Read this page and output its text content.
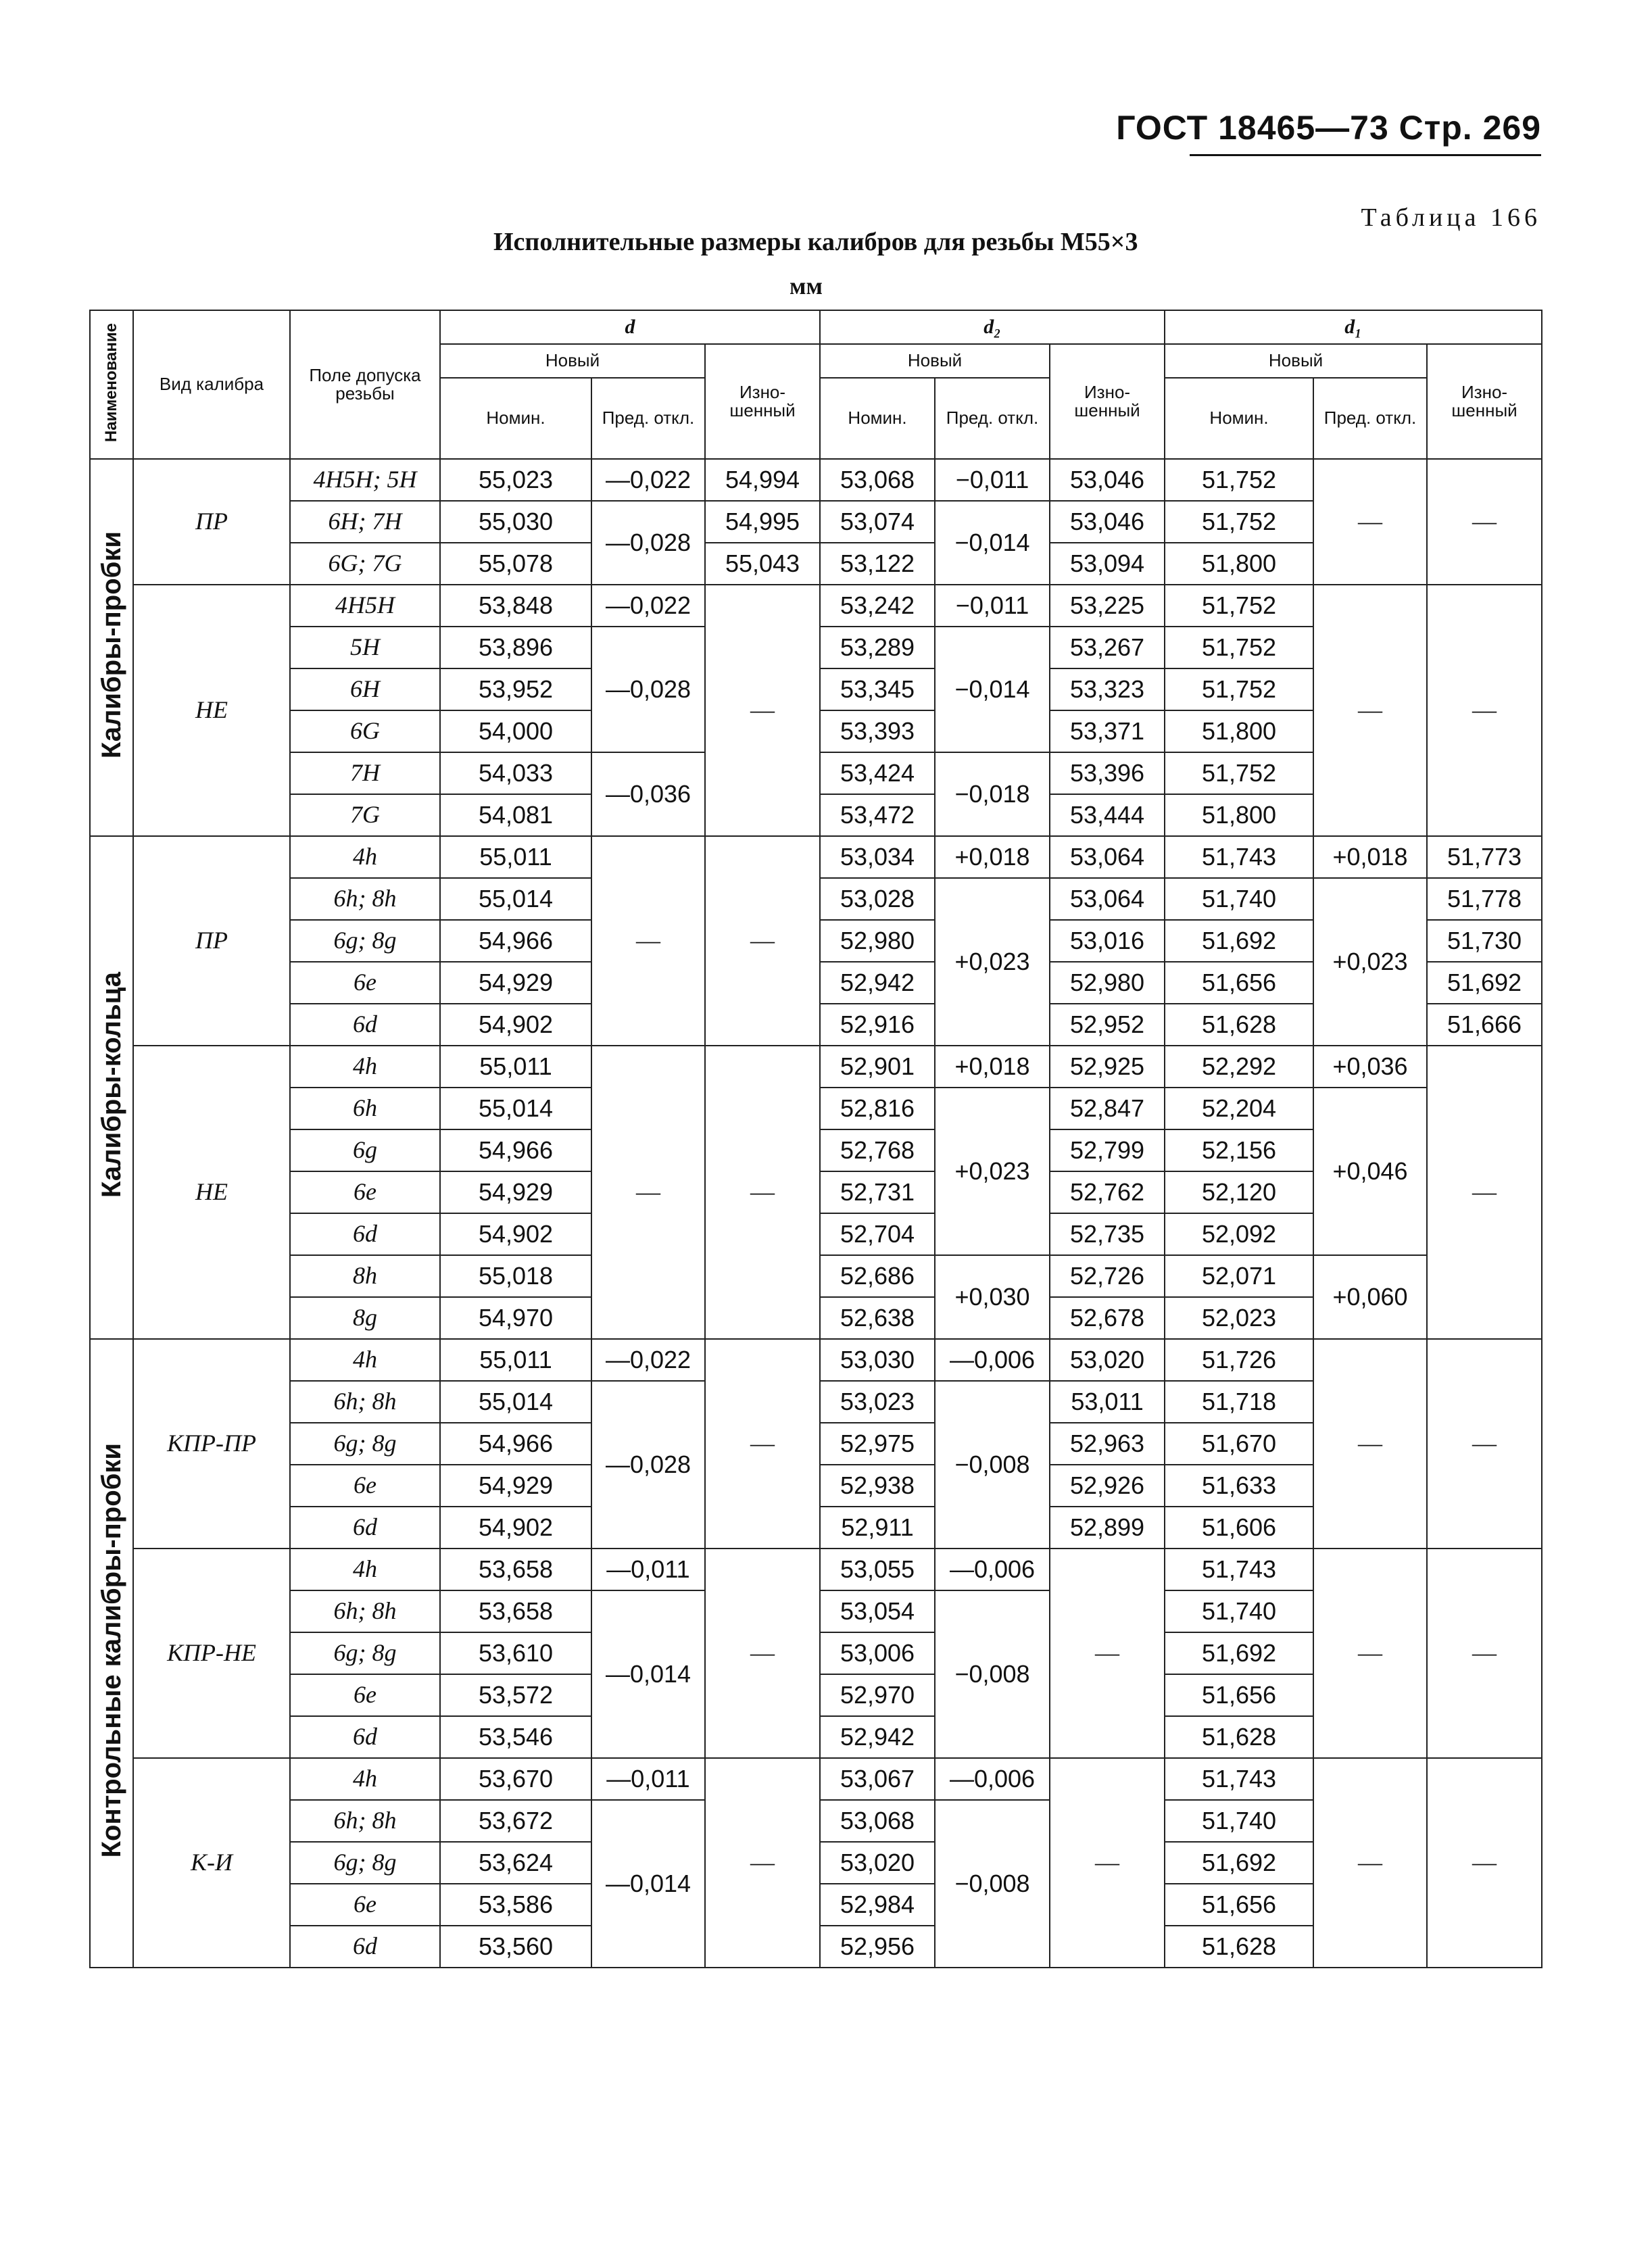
ГОСТ 18465—73 Стр. 269
Таблица 166
Исполнительные размеры калибров для резьбы М55×3
мм
Наименование	Вид калибра	Поле допуска резьбы	d			d₂			d₁		
			Новый		Изно- шенный	Новый		Изно- шенный	Новый		Изно- шенный
			Номин.	Пред. откл.		Номин.	Пред. откл.		Номин.	Пред. откл.	
Калибры-пробки	ПР	4H5H; 5H	55,023	—0,022	54,994	53,068	−0,011	53,046	51,752	—	—
		6H; 7H	55,030	—0,028	54,995	53,074	−0,014	53,046	51,752		
		6G; 7G	55,078		55,043	53,122		53,094	51,800		
	НЕ	4H5H	53,848	—0,022	—	53,242	−0,011	53,225	51,752	—	—
		5H	53,896	—0,028		53,289	−0,014	53,267	51,752		
		6H	53,952			53,345		53,323	51,752		
		6G	54,000			53,393		53,371	51,800		
		7H	54,033	—0,036		53,424	−0,018	53,396	51,752		
		7G	54,081			53,472		53,444	51,800		
Калибры-кольца	ПР	4h	55,011	—	—	53,034	+0,018	53,064	51,743	+0,018	51,773
		6h; 8h	55,014			53,028	+0,023	53,064	51,740	+0,023	51,778
		6g; 8g	54,966			52,980		53,016	51,692		51,730
		6e	54,929			52,942		52,980	51,656		51,692
		6d	54,902			52,916		52,952	51,628		51,666
	НЕ	4h	55,011	—	—	52,901	+0,018	52,925	52,292	+0,036	—
		6h	55,014			52,816	+0,023	52,847	52,204	+0,046	
		6g	54,966			52,768		52,799	52,156		
		6e	54,929			52,731		52,762	52,120		
		6d	54,902			52,704		52,735	52,092		
		8h	55,018			52,686	+0,030	52,726	52,071	+0,060	
		8g	54,970			52,638		52,678	52,023		
Контрольные калибры-пробки	КПР-ПР	4h	55,011	—0,022	—	53,030	—0,006	53,020	51,726	—	—
		6h; 8h	55,014	—0,028		53,023	−0,008	53,011	51,718		
		6g; 8g	54,966			52,975		52,963	51,670		
		6e	54,929			52,938		52,926	51,633		
		6d	54,902			52,911		52,899	51,606		
	КПР-НЕ	4h	53,658	—0,011	—	53,055	—0,006	—	51,743	—	—
		6h; 8h	53,658	—0,014		53,054	−0,008		51,740		
		6g; 8g	53,610			53,006			51,692		
		6e	53,572			52,970			51,656		
		6d	53,546			52,942			51,628		
	К-И	4h	53,670	—0,011	—	53,067	—0,006	—	51,743	—	—
		6h; 8h	53,672	—0,014		53,068	−0,008		51,740		
		6g; 8g	53,624			53,020			51,692		
		6e	53,586			52,984			51,656		
		6d	53,560			52,956			51,628		
